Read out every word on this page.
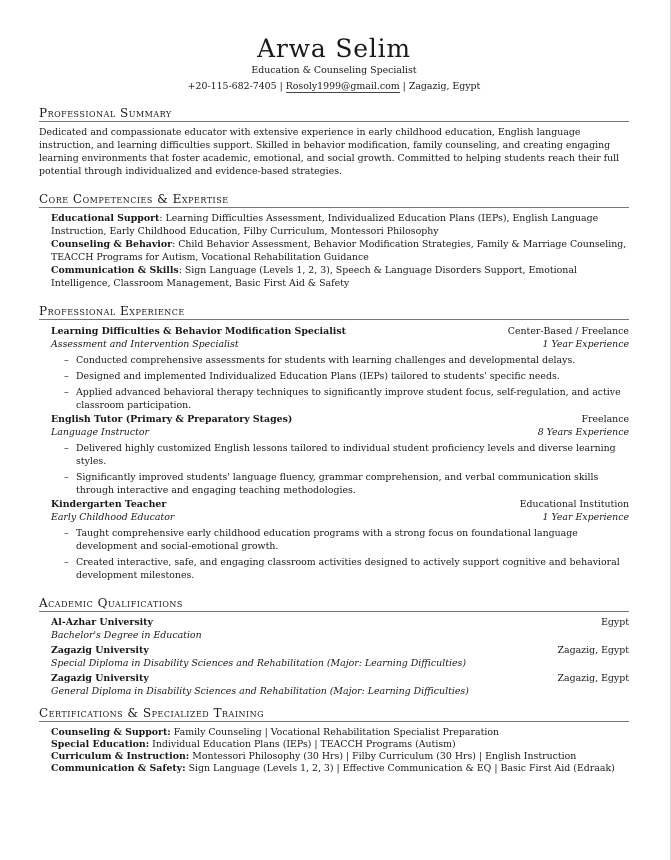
Arwa Selim
Education & Counseling Specialist
+20-115-682-7405 | Rosoly1999@gmail.com | Zagazig, Egypt
Professional Summary
Dedicated and compassionate educator with extensive experience in early childhood education, English language instruction, and learning difficulties support. Skilled in behavior modification, family counseling, and creating engaging learning environments that foster academic, emotional, and social growth. Committed to helping students reach their full potential through individualized and evidence-based strategies.
Core Competencies & Expertise
Educational Support: Learning Difficulties Assessment, Individualized Education Plans (IEPs), English Language Instruction, Early Childhood Education, Filby Curriculum, Montessori Philosophy
Counseling & Behavior: Child Behavior Assessment, Behavior Modification Strategies, Family & Marriage Counseling, TEACCH Programs for Autism, Vocational Rehabilitation Guidance
Communication & Skills: Sign Language (Levels 1, 2, 3), Speech & Language Disorders Support, Emotional Intelligence, Classroom Management, Basic First Aid & Safety
Professional Experience
Learning Difficulties & Behavior Modification Specialist	Center-Based / Freelance
Assessment and Intervention Specialist	1 Year Experience
– Conducted comprehensive assessments for students with learning challenges and developmental delays.
– Designed and implemented Individualized Education Plans (IEPs) tailored to students' specific needs.
– Applied advanced behavioral therapy techniques to significantly improve student focus, self-regulation, and active classroom participation.
English Tutor (Primary & Preparatory Stages)	Freelance
Language Instructor	8 Years Experience
– Delivered highly customized English lessons tailored to individual student proficiency levels and diverse learning styles.
– Significantly improved students' language fluency, grammar comprehension, and verbal communication skills through interactive and engaging teaching methodologies.
Kindergarten Teacher	Educational Institution
Early Childhood Educator	1 Year Experience
– Taught comprehensive early childhood education programs with a strong focus on foundational language development and social-emotional growth.
– Created interactive, safe, and engaging classroom activities designed to actively support cognitive and behavioral development milestones.
Academic Qualifications
Al-Azhar University	Egypt
Bachelor's Degree in Education
Zagazig University	Zagazig, Egypt
Special Diploma in Disability Sciences and Rehabilitation (Major: Learning Difficulties)
Zagazig University	Zagazig, Egypt
General Diploma in Disability Sciences and Rehabilitation (Major: Learning Difficulties)
Certifications & Specialized Training
Counseling & Support: Family Counseling | Vocational Rehabilitation Specialist Preparation
Special Education: Individual Education Plans (IEPs) | TEACCH Programs (Autism)
Curriculum & Instruction: Montessori Philosophy (30 Hrs) | Filby Curriculum (30 Hrs) | English Instruction
Communication & Safety: Sign Language (Levels 1, 2, 3) | Effective Communication & EQ | Basic First Aid (Edraak)
